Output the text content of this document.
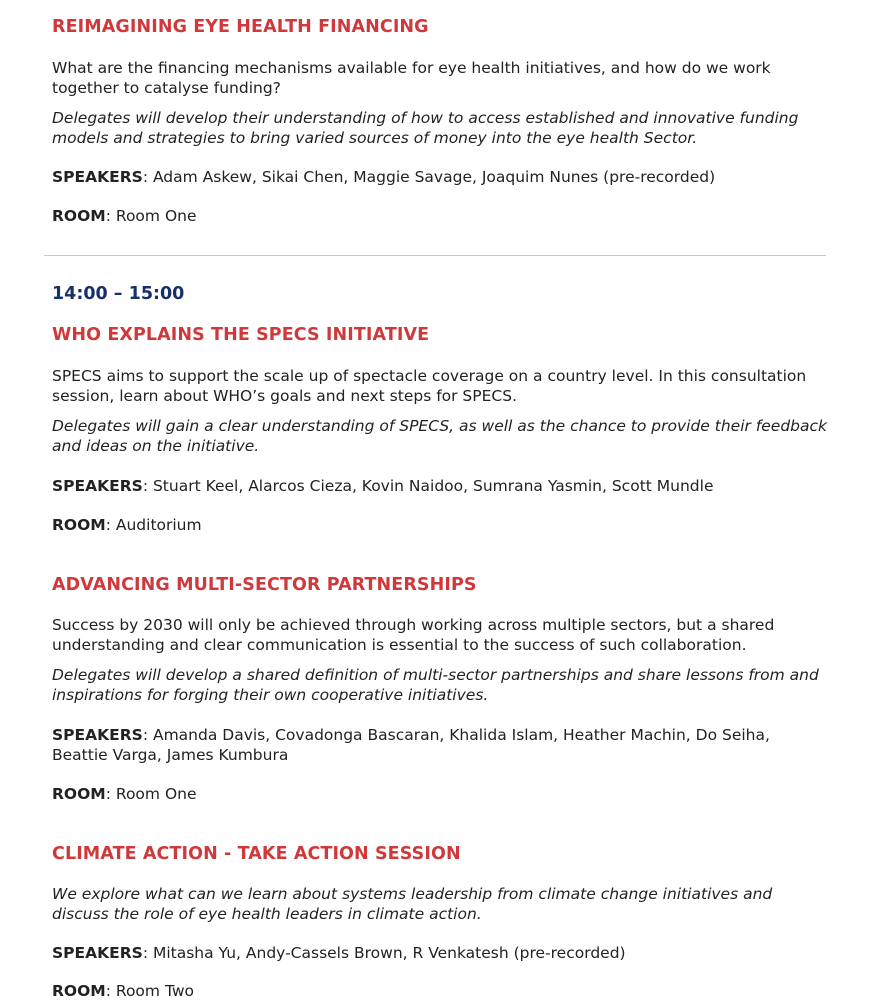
REIMAGINING EYE HEALTH FINANCING
What are the financing mechanisms available for eye health initiatives, and how do we work together to catalyse funding?
Delegates will develop their understanding of how to access established and innovative funding models and strategies to bring varied sources of money into the eye health Sector.
SPEAKERS: Adam Askew, Sikai Chen, Maggie Savage, Joaquim Nunes (pre-recorded)
ROOM: Room One
14:00 – 15:00
WHO EXPLAINS THE SPECS INITIATIVE
SPECS aims to support the scale up of spectacle coverage on a country level. In this consultation session, learn about WHO’s goals and next steps for SPECS.
Delegates will gain a clear understanding of SPECS, as well as the chance to provide their feedback and ideas on the initiative.
SPEAKERS: Stuart Keel, Alarcos Cieza, Kovin Naidoo, Sumrana Yasmin, Scott Mundle
ROOM: Auditorium
ADVANCING MULTI-SECTOR PARTNERSHIPS
Success by 2030 will only be achieved through working across multiple sectors, but a shared understanding and clear communication is essential to the success of such collaboration.
Delegates will develop a shared definition of multi-sector partnerships and share lessons from and inspirations for forging their own cooperative initiatives.
SPEAKERS: Amanda Davis, Covadonga Bascaran, Khalida Islam, Heather Machin, Do Seiha, Beattie Varga, James Kumbura
ROOM: Room One
CLIMATE ACTION - TAKE ACTION SESSION
We explore what can we learn about systems leadership from climate change initiatives and discuss the role of eye health leaders in climate action.
SPEAKERS: Mitasha Yu, Andy-Cassels Brown, R Venkatesh (pre-recorded)
ROOM: Room Two
